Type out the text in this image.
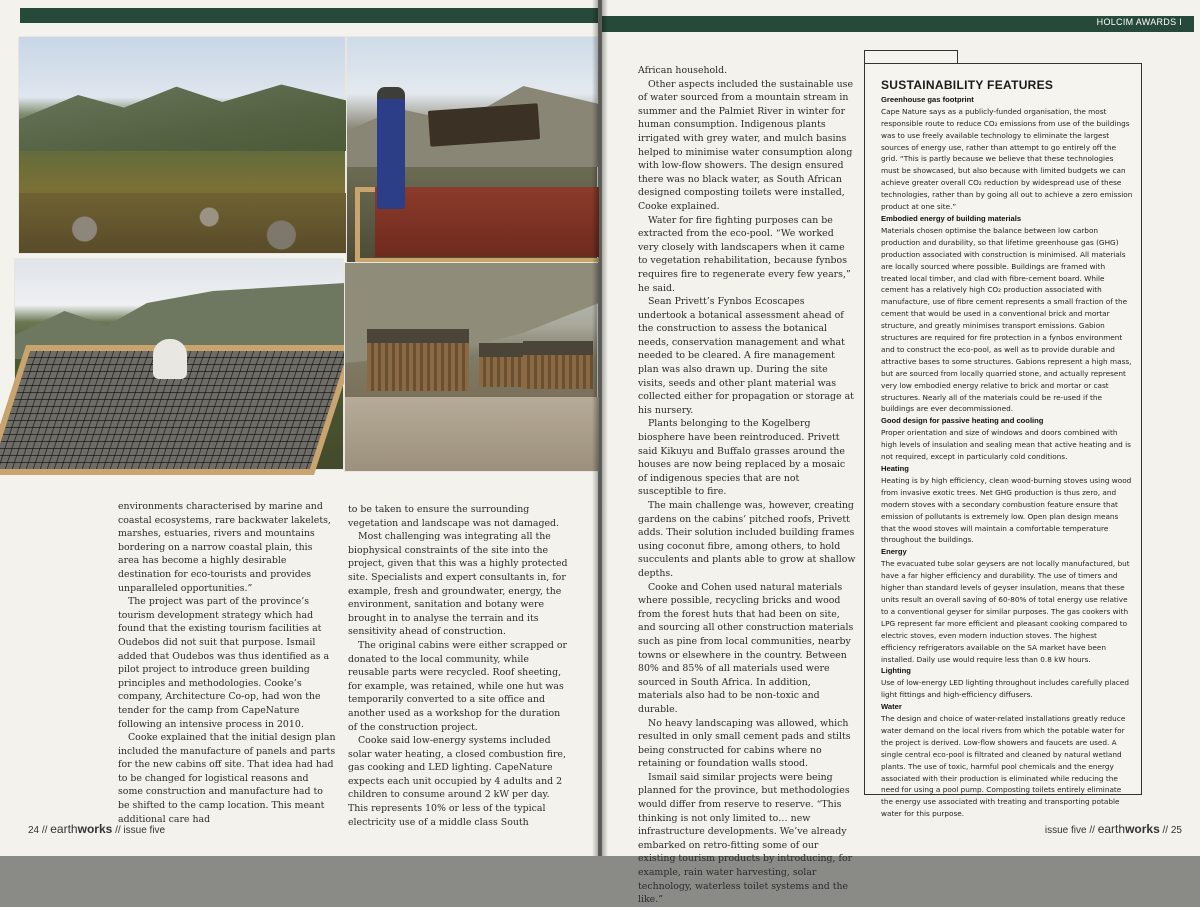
environments characterised by marine and coastal ecosystems, rare backwater lakelets, marshes, estuaries, rivers and mountains bordering on a narrow coastal plain, this area has become a highly desirable destination for eco-tourists and provides unparalleled opportunities.”

The project was part of the province’s tourism development strategy which had found that the existing tourism facilities at Oudebos did not suit that purpose. Ismail added that Oudebos was thus identified as a pilot project to introduce green building principles and methodologies. Cooke’s company, Architecture Co-op, had won the tender for the camp from CapeNature following an intensive process in 2010.

Cooke explained that the initial design plan included the manufacture of panels and parts for the new cabins off site. That idea had had to be changed for logistical reasons and some construction and manufacture had to be shifted to the camp location. This meant additional care had

to be taken to ensure the surrounding vegetation and landscape was not damaged.

Most challenging was integrating all the biophysical constraints of the site into the project, given that this was a highly protected site. Specialists and expert consultants in, for example, fresh and groundwater, energy, the environment, sanitation and botany were brought in to analyse the terrain and its sensitivity ahead of construction.

The original cabins were either scrapped or donated to the local community, while reusable parts were recycled. Roof sheeting, for example, was retained, while one hut was temporarily converted to a site office and another used as a workshop for the duration of the construction project.

Cooke said low-energy systems included solar water heating, a closed combustion fire, gas cooking and LED lighting. CapeNature expects each unit occupied by 4 adults and 2 children to consume around 2 kW per day. This represents 10% or less of the typical electricity use of a middle class South

24 // earthworks // issue five
HOLCIM AWARDS I

African household.

Other aspects included the sustainable use of water sourced from a mountain stream in summer and the Palmiet River in winter for human consumption. Indigenous plants irrigated with grey water, and mulch basins helped to minimise water consumption along with low-flow showers. The design ensured there was no black water, as South African designed composting toilets were installed, Cooke explained.

Water for fire fighting purposes can be extracted from the eco-pool. “We worked very closely with landscapers when it came to vegetation rehabilitation, because fynbos requires fire to regenerate every few years,” he said.

Sean Privett’s Fynbos Ecoscapes undertook a botanical assessment ahead of the construction to assess the botanical needs, conservation management and what needed to be cleared. A fire management plan was also drawn up. During the site visits, seeds and other plant material was collected either for propagation or storage at his nursery.

Plants belonging to the Kogelberg biosphere have been reintroduced. Privett said Kikuyu and Buffalo grasses around the houses are now being replaced by a mosaic of indigenous species that are not susceptible to fire.

The main challenge was, however, creating gardens on the cabins’ pitched roofs, Privett adds. Their solution included building frames using coconut fibre, among others, to hold succulents and plants able to grow at shallow depths.

Cooke and Cohen used natural materials where possible, recycling bricks and wood from the forest huts that had been on site, and sourcing all other construction materials such as pine from local communities, nearby towns or elsewhere in the country. Between 80% and 85% of all materials used were sourced in South Africa. In addition, materials also had to be non-toxic and durable.

No heavy landscaping was allowed, which resulted in only small cement pads and stilts being constructed for cabins where no retaining or foundation walls stood.

Ismail said similar projects were being planned for the province, but methodologies would differ from reserve to reserve. “This thinking is not only limited to… new infrastructure developments. We’ve already embarked on retro-fitting some of our existing tourism products by introducing, for example, rain water harvesting, solar technology, waterless toilet systems and the like.”

SUSTAINABILITY FEATURES
Greenhouse gas footprint

Cape Nature says as a publicly-funded organisation, the most responsible route to reduce CO₂ emissions from use of the buildings was to use freely available technology to eliminate the largest sources of energy use, rather than attempt to go entirely off the grid. “This is partly because we believe that these technologies must be showcased, but also because with limited budgets we can achieve greater overall CO₂ reduction by widespread use of these technologies, rather than by going all out to achieve a zero emission product at one site.”

Embodied energy of building materials

Materials chosen optimise the balance between low carbon production and durability, so that lifetime greenhouse gas (GHG) production associated with construction is minimised. All materials are locally sourced where possible. Buildings are framed with treated local timber, and clad with fibre-cement board. While cement has a relatively high CO₂ production associated with manufacture, use of fibre cement represents a small fraction of the cement that would be used in a conventional brick and mortar structure, and greatly minimises transport emissions. Gabion structures are required for fire protection in a fynbos environment and to construct the eco-pool, as well as to provide durable and attractive bases to some structures. Gabions represent a high mass, but are sourced from locally quarried stone, and actually represent very low embodied energy relative to brick and mortar or cast structures. Nearly all of the materials could be re-used if the buildings are ever decommissioned.

Good design for passive heating and cooling

Proper orientation and size of windows and doors combined with high levels of insulation and sealing mean that active heating and is not required, except in particularly cold conditions.

Heating

Heating is by high efficiency, clean wood-burning stoves using wood from invasive exotic trees. Net GHG production is thus zero, and modern stoves with a secondary combustion feature ensure that emission of pollutants is extremely low. Open plan design means that the wood stoves will maintain a comfortable temperature throughout the buildings.

Energy

The evacuated tube solar geysers are not locally manufactured, but have a far higher efficiency and durability. The use of timers and higher than standard levels of geyser insulation, means that these units result an overall saving of 60-80% of total energy use relative to a conventional geyser for similar purposes. The gas cookers with LPG represent far more efficient and pleasant cooking compared to electric stoves, even modern induction stoves. The highest efficiency refrigerators available on the SA market have been installed. Daily use would require less than 0.8 kW hours.

Lighting

Use of low-energy LED lighting throughout includes carefully placed light fittings and high-efficiency diffusers.

Water

The design and choice of water-related installations greatly reduce water demand on the local rivers from which the potable water for the project is derived. Low-flow showers and faucets are used. A single central eco-pool is filtrated and cleaned by natural wetland plants. The use of toxic, harmful pool chemicals and the energy associated with their production is eliminated while reducing the need for using a pool pump. Composting toilets entirely eliminate the energy use associated with treating and transporting potable water for this purpose.

issue five // earthworks // 25
